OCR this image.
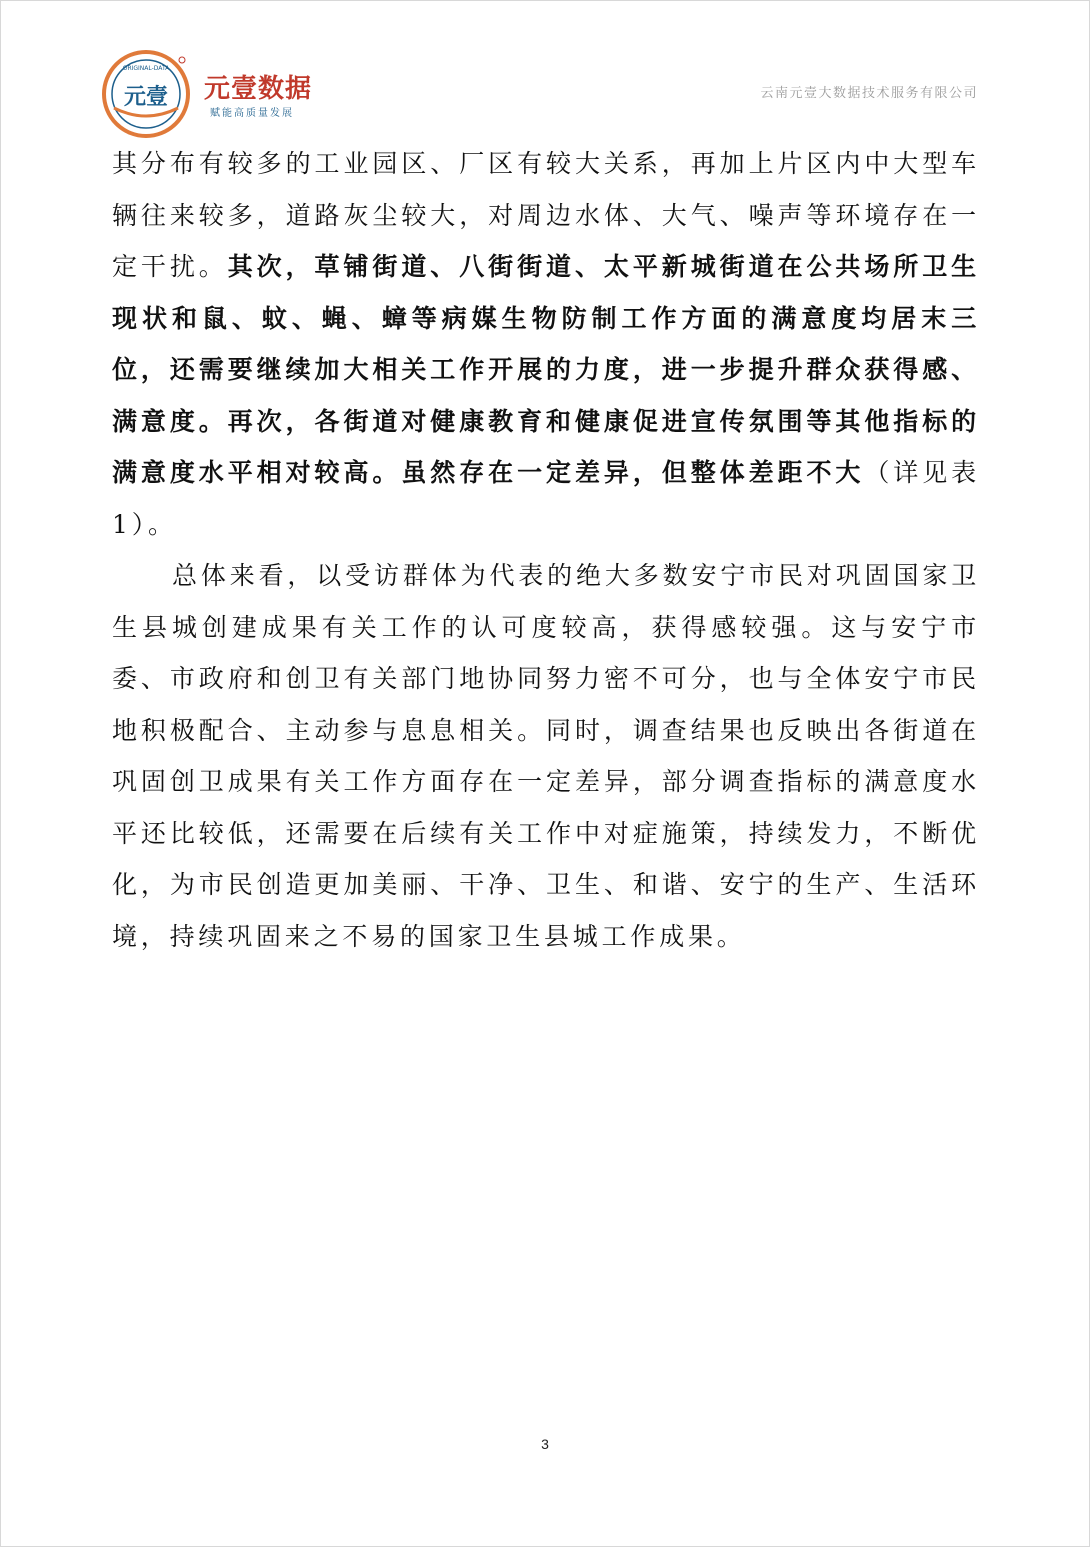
ORIGINAL-DATA
元壹 元壹数据
赋能高质量发展
云南元壹大数据技术服务有限公司

其分布有较多的工业园区、厂区有较大关系，再加上片区内中大型车辆往来较多，道路灰尘较大，对周边水体、大气、噪声等环境存在一定干扰。其次，草铺街道、八街街道、太平新城街道在公共场所卫生现状和鼠、蚊、蝇、蟑等病媒生物防制工作方面的满意度均居末三位，还需要继续加大相关工作开展的力度，进一步提升群众获得感、满意度。再次，各街道对健康教育和健康促进宣传氛围等其他指标的满意度水平相对较高。虽然存在一定差异，但整体差距不大（详见表 1）。

总体来看，以受访群体为代表的绝大多数安宁市民对巩固国家卫生县城创建成果有关工作的认可度较高，获得感较强。这与安宁市委、市政府和创卫有关部门地协同努力密不可分，也与全体安宁市民地积极配合、主动参与息息相关。同时，调查结果也反映出各街道在巩固创卫成果有关工作方面存在一定差异，部分调查指标的满意度水平还比较低，还需要在后续有关工作中对症施策，持续发力，不断优化，为市民创造更加美丽、干净、卫生、和谐、安宁的生产、生活环境，持续巩固来之不易的国家卫生县城工作成果。

3
